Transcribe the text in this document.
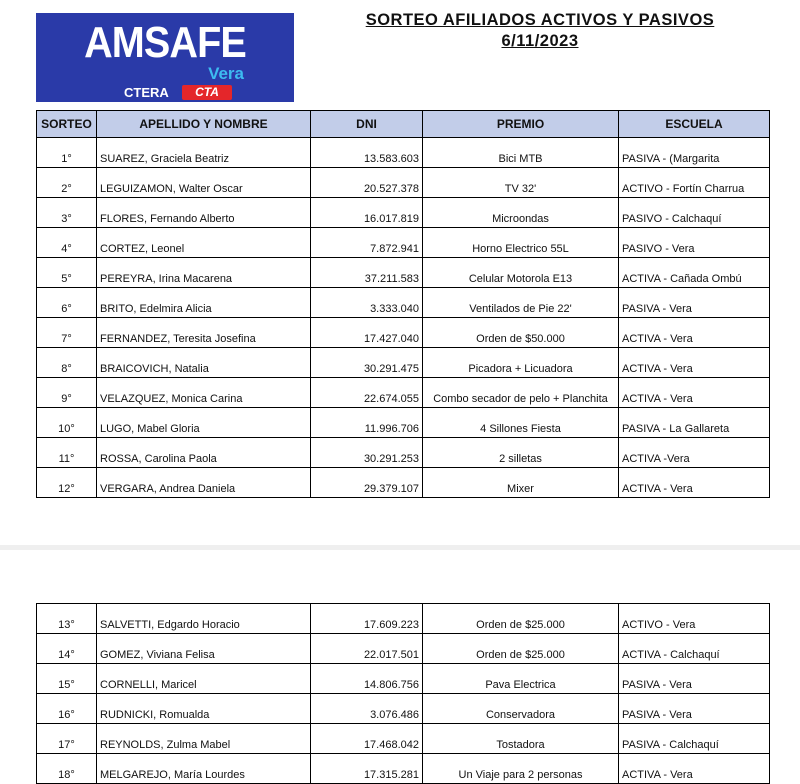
AMSAFE
Vera
CTERA	CTA
SORTEO AFILIADOS ACTIVOS Y PASIVOS
6/11/2023
SORTEO	APELLIDO Y NOMBRE	DNI	PREMIO	ESCUELA
1°	SUAREZ, Graciela Beatriz	13.583.603	Bici MTB	PASIVA - (Margarita
2°	LEGUIZAMON, Walter Oscar	20.527.378	TV 32'	ACTIVO - Fortín Charrua
3°	FLORES, Fernando Alberto	16.017.819	Microondas	PASIVO - Calchaquí
4°	CORTEZ, Leonel	7.872.941	Horno Electrico 55L	PASIVO - Vera
5°	PEREYRA, Irina Macarena	37.211.583	Celular Motorola E13	ACTIVA - Cañada Ombú
6°	BRITO, Edelmira Alicia	3.333.040	Ventilados de Pie 22'	PASIVA - Vera
7°	FERNANDEZ, Teresita Josefina	17.427.040	Orden de $50.000	ACTIVA - Vera
8°	BRAICOVICH, Natalia	30.291.475	Picadora + Licuadora	ACTIVA - Vera
9°	VELAZQUEZ, Monica Carina	22.674.055	Combo secador de pelo + Planchita	ACTIVA - Vera
10°	LUGO, Mabel Gloria	11.996.706	4 Sillones Fiesta	PASIVA - La Gallareta
11°	ROSSA, Carolina Paola	30.291.253	2 silletas	ACTIVA -Vera
12°	VERGARA, Andrea Daniela	29.379.107	Mixer	ACTIVA - Vera
13°	SALVETTI, Edgardo Horacio	17.609.223	Orden de $25.000	ACTIVO - Vera
14°	GOMEZ, Viviana Felisa	22.017.501	Orden de $25.000	ACTIVA - Calchaquí
15°	CORNELLI, Maricel	14.806.756	Pava Electrica	PASIVA - Vera
16°	RUDNICKI, Romualda	3.076.486	Conservadora	PASIVA - Vera
17°	REYNOLDS, Zulma Mabel	17.468.042	Tostadora	PASIVA - Calchaquí
18°	MELGAREJO, María Lourdes	17.315.281	Un Viaje para 2 personas	ACTIVA - Vera
